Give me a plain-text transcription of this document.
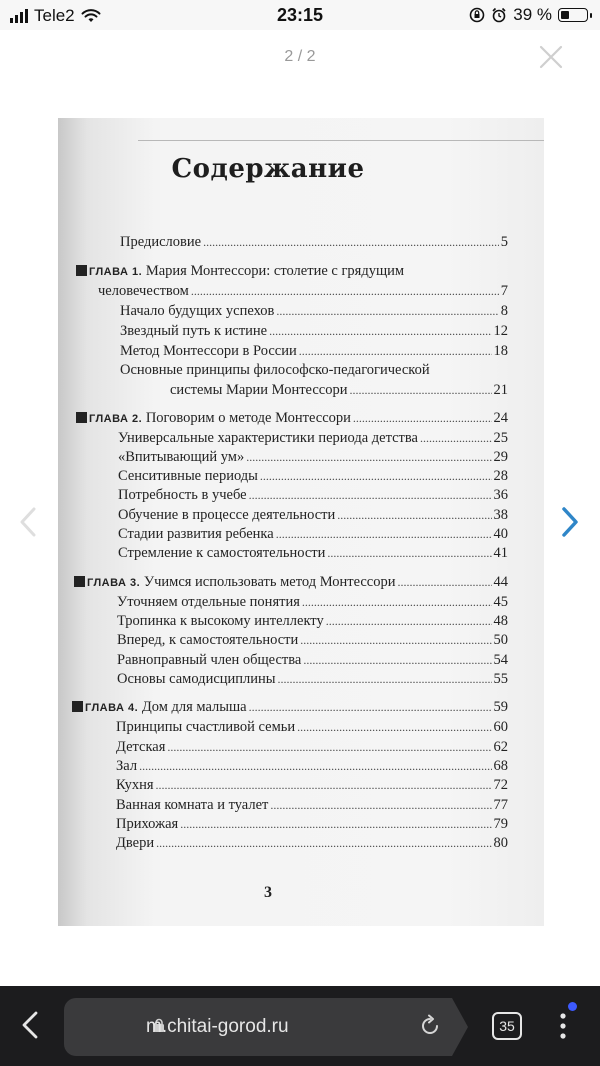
Tele2	23:15	39 %
2 / 2
Содержание
Предисловие . . .	5
ГЛАВА 1. Мария Монтессори: столетие с грядущим
человечеством . . .	7
Начало будущих успехов . . .	8
Звездный путь к истине . . .	12
Метод Монтессори в России . . .	18
Основные принципы философско-педагогической
системы Марии Монтессори . . .	21
ГЛАВА 2. Поговорим о методе Монтессори . . .	24
Универсальные характеристики периода детства . . .	25
«Впитывающий ум» . . .	29
Сенситивные периоды . . .	28
Потребность в учебе . . .	36
Обучение в процессе деятельности . . .	38
Стадии развития ребенка . . .	40
Стремление к самостоятельности . . .	41
ГЛАВА 3. Учимся использовать метод Монтессори . . .	44
Уточняем отдельные понятия . . .	45
Тропинка к высокому интеллекту . . .	48
Вперед, к самостоятельности . . .	50
Равноправный член общества . . .	54
Основы самодисциплины . . .	55
ГЛАВА 4. Дом для малыша . . .	59
Принципы счастливой семьи . . .	60
Детская . . .	62
Зал . . .	68
Кухня . . .	72
Ванная комната и туалет . . .	77
Прихожая . . .	79
Двери . . .	80
3
m.chitai-gorod.ru	35
